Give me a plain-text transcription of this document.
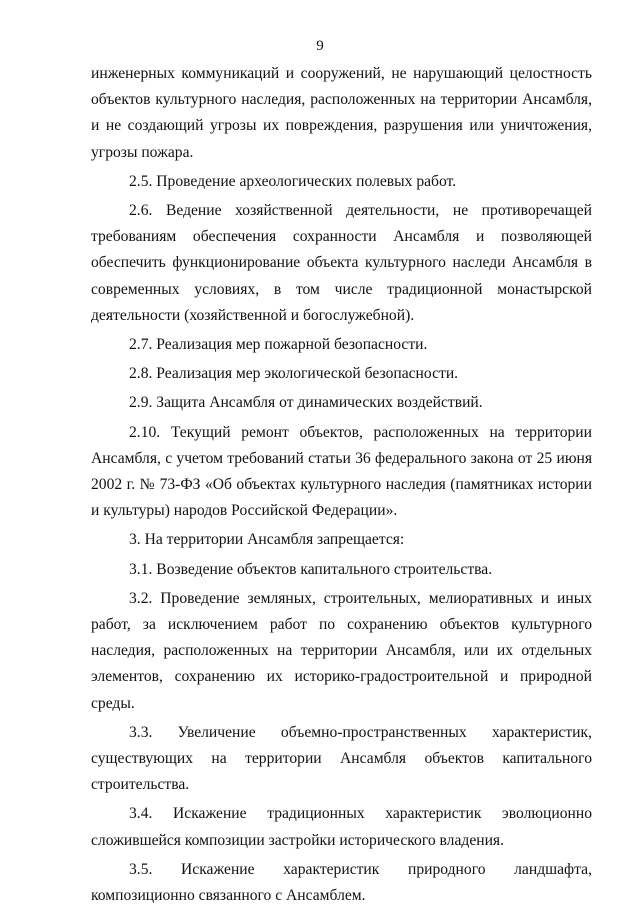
9

инженерных коммуникаций и сооружений, не нарушающий целостность объектов культурного наследия, расположенных на территории Ансамбля, и не создающий угрозы их повреждения, разрушения или уничтожения, угрозы пожара.

2.5. Проведение археологических полевых работ.

2.6. Ведение хозяйственной деятельности, не противоречащей требованиям обеспечения сохранности Ансамбля и позволяющей обеспечить функционирование объекта культурного наследи Ансамбля в современных условиях, в том числе традиционной монастырской деятельности (хозяйственной и богослужебной).

2.7. Реализация мер пожарной безопасности.

2.8. Реализация мер экологической безопасности.

2.9. Защита Ансамбля от динамических воздействий.

2.10. Текущий ремонт объектов, расположенных на территории Ансамбля, с учетом требований статьи 36 федерального закона от 25 июня 2002 г. № 73-ФЗ «Об объектах культурного наследия (памятниках истории и культуры) народов Российской Федерации».

3. На территории Ансамбля запрещается:

3.1. Возведение объектов капитального строительства.

3.2. Проведение земляных, строительных, мелиоративных и иных работ, за исключением работ по сохранению объектов культурного наследия, расположенных на территории Ансамбля, или их отдельных элементов, сохранению их историко-градостроительной и природной среды.

3.3. Увеличение объемно-пространственных характеристик, существующих на территории Ансамбля объектов капитального строительства.

3.4. Искажение традиционных характеристик эволюционно сложившейся композиции застройки исторического владения.

3.5. Искажение характеристик природного ландшафта, композиционно связанного с Ансамблем.
